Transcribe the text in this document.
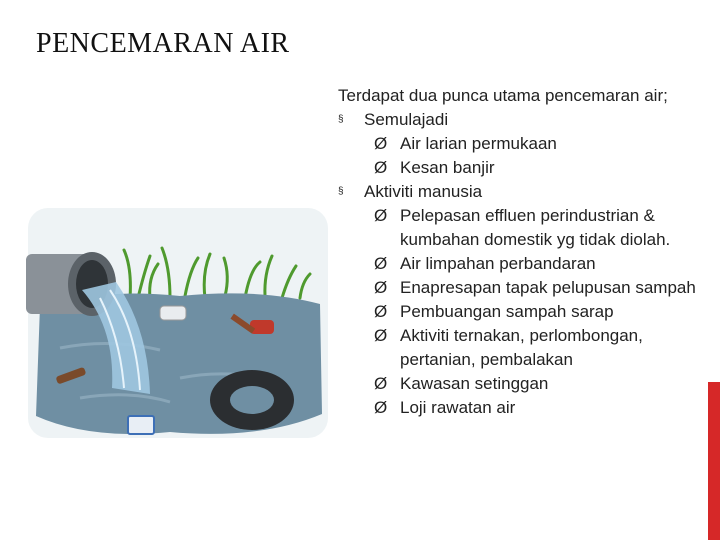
PENCEMARAN AIR

Terdapat dua punca utama pencemaran air;

§	Semulajadi
Ø Air larian permukaan
Ø Kesan banjir
§	Aktiviti manusia
Ø Pelepasan effluen perindustrian & kumbahan domestik yg tidak diolah.
Ø Air limpahan perbandaran
Ø Enapresapan tapak pelupusan sampah
Ø Pembuangan sampah sarap
Ø Aktiviti ternakan, perlombongan, pertanian, pembalakan
Ø Kawasan setinggan
Ø Loji rawatan air
